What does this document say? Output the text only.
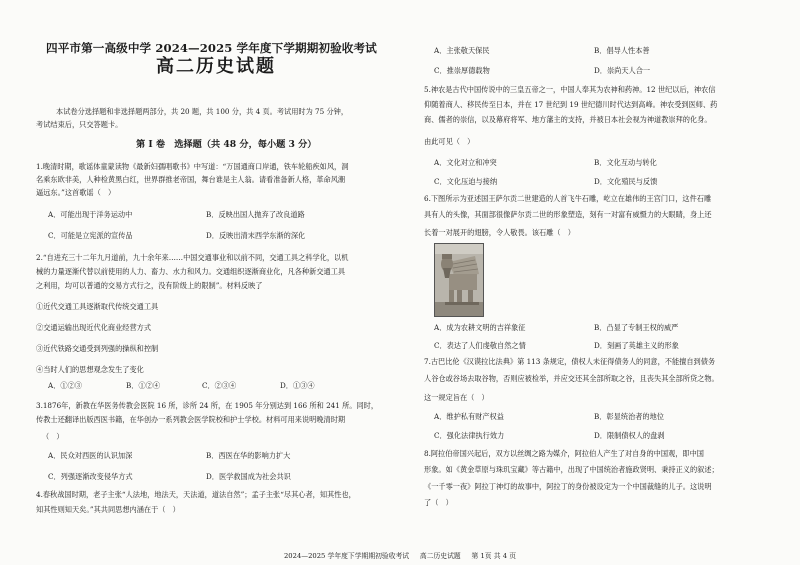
四平市第一高级中学 2024—2025 学年度下学期期初验收考试
高二历史试题
本试卷分选择题和非选择题两部分，共 20 题，共 100 分，共 4 页。考试用时为 75 分钟，
考试结束后，只交答题卡。
第 Ⅰ 卷　选择题（共 48 分，每小题 3 分）
1.晚清时期，歌谣体童蒙读物《最新妇孺唱歌书》中写道：“万国通商口岸通，铁车轮船疾如风，洞
名乘东欧非美，人种检黄黑白红，世界群推老帝国，舞台谁是主人翁。请看准备新人格，革命风潮
逼远东。”这首歌谣（　）
A．可能出现于洋务运动中	B．反映出国人抛弃了改良道路
C．可能是立宪派的宣传品	D．反映出清末西学东渐的深化
2.“自进充三十二年九月道前，九十余年来……中国交通事业和以前不同，交通工具之科学化，以机
械的力量逐渐代替以前使用的人力、畜力、水力和风力。交通组织逐渐商业化，凡各种新交通工具
之利用，均可以普通的交易方式行之，没有阶级上的限制”。材料反映了
①近代交通工具逐渐取代传统交通工具
②交通运输出现近代化商业经营方式
③近代铁路交通受到列强的操纵和控制
④当时人们的思想观念发生了变化
A．①②③	B．①②④	C．②③④	D．①③④
3.1876年，新教在华医务传教会医院 16 所，诊所 24 所，在 1905 年分别达到 166 所和 241 所。同时，
传教士还翻译出版西医书籍，在华创办一系列教会医学院校和护士学校。材料可用来说明晚清时期
（　）
A．民众对西医的认识加深	B．西医在华的影响力扩大
C．列强逐渐改变侵华方式	D．医学救国成为社会共识
4.春秋战国时期，老子主张“人法地，地法天，天法道，道法自然”；孟子主张“尽其心者，知其性也，
知其性则知天矣。”其共同思想内涵在于（　）
A．主张敬天保民	B．倡导人性本善
C．推崇厚德载物	D．崇尚天人合一
5.神农是古代中国传说中的三皇五帝之一，中国人奉其为农神和药神。12 世纪以后，神农信
仰随着商人、移民传至日本，并在 17 世纪到 19 世纪德川时代达到高峰。神农受到医师、药
商、儒者的崇信，以及幕府将军、地方藩主的支持，并被日本社会视为神道教崇拜的化身。
由此可见（　）
A．文化对立和冲突	B．文化互动与转化
C．文化压迫与接纳	D．文化殖民与反馈
6.下图所示为亚述国王萨尔贡二世建造的人首飞牛石雕，屹立在雄伟的王宫门口，这件石雕
具有人的头像，其面部很像萨尔贡二世的形象塑造，刻有一对富有威慑力的大眼睛，身上还
长着一对展开的翅膀，令人敬畏。该石雕（　）
A．成为农耕文明的吉祥象征	B．凸显了专制王权的威严
C．表达了人们虔敬自然之情	D．刻画了英雄主义的形象
7.古巴比伦《汉谟拉比法典》第 113 条规定，债权人未征得债务人的同意，不能擅自到债务
人谷仓或谷场去取谷物，否则应被检举，并应交还其全部所取之谷，且丧失其全部所贷之物。
这一规定旨在（　）
A．维护私有财产权益	B．彰显统治者的地位
C．强化法律执行效力	D．限制债权人的盘剥
8.阿拉伯帝国兴起后，双方以丝绸之路为媒介，阿拉伯人产生了对自身的中国观，即中国
形象。如《黄金草原与珠玑宝藏》等古籍中，出现了中国统治者施政贤明、秉持正义的叙述；
《一千零一夜》阿拉丁神灯的故事中，阿拉丁的身份被设定为一个中国裁缝的儿子。这说明
了（　）
2024—2025 学年度下学期期初验收考试 高二历史试题 第 1页 共 4 页
